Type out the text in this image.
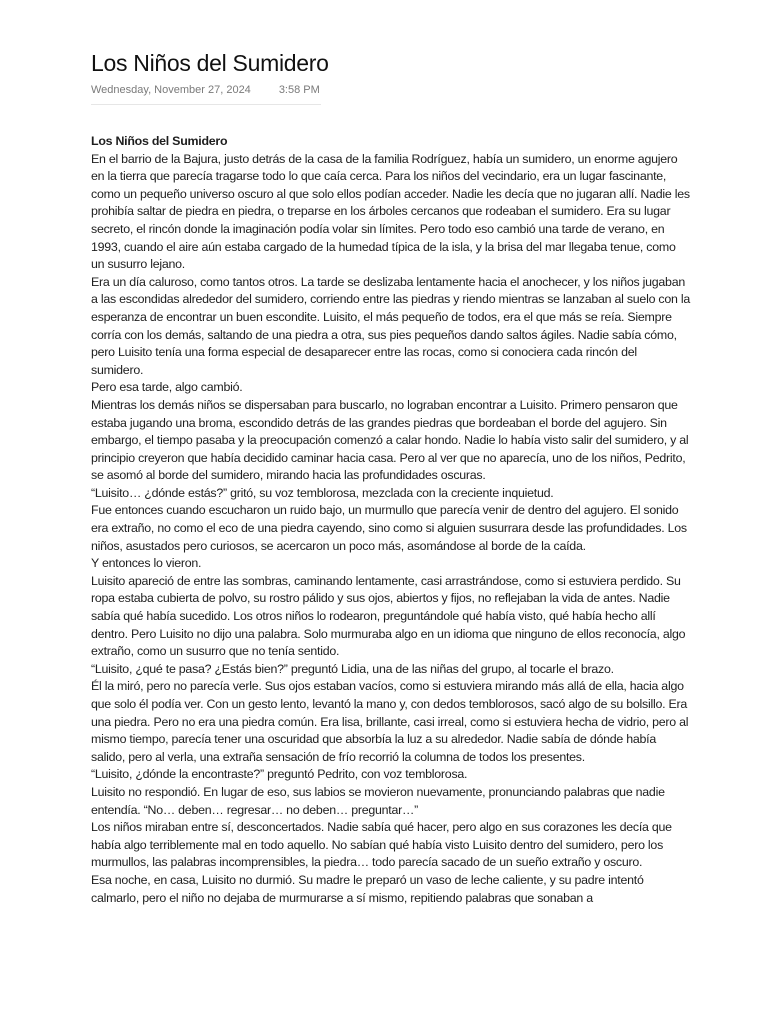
Los Niños del Sumidero
Wednesday, November 27, 2024	3:58 PM

Los Niños del Sumidero

En el barrio de la Bajura, justo detrás de la casa de la familia Rodríguez, había un sumidero, un enorme agujero en la tierra que parecía tragarse todo lo que caía cerca. Para los niños del vecindario, era un lugar fascinante, como un pequeño universo oscuro al que solo ellos podían acceder. Nadie les decía que no jugaran allí. Nadie les prohibía saltar de piedra en piedra, o treparse en los árboles cercanos que rodeaban el sumidero. Era su lugar secreto, el rincón donde la imaginación podía volar sin límites. Pero todo eso cambió una tarde de verano, en 1993, cuando el aire aún estaba cargado de la humedad típica de la isla, y la brisa del mar llegaba tenue, como un susurro lejano.

Era un día caluroso, como tantos otros. La tarde se deslizaba lentamente hacia el anochecer, y los niños jugaban a las escondidas alrededor del sumidero, corriendo entre las piedras y riendo mientras se lanzaban al suelo con la esperanza de encontrar un buen escondite. Luisito, el más pequeño de todos, era el que más se reía. Siempre corría con los demás, saltando de una piedra a otra, sus pies pequeños dando saltos ágiles. Nadie sabía cómo, pero Luisito tenía una forma especial de desaparecer entre las rocas, como si conociera cada rincón del sumidero.

Pero esa tarde, algo cambió.

Mientras los demás niños se dispersaban para buscarlo, no lograban encontrar a Luisito. Primero pensaron que estaba jugando una broma, escondido detrás de las grandes piedras que bordeaban el borde del agujero. Sin embargo, el tiempo pasaba y la preocupación comenzó a calar hondo. Nadie lo había visto salir del sumidero, y al principio creyeron que había decidido caminar hacia casa. Pero al ver que no aparecía, uno de los niños, Pedrito, se asomó al borde del sumidero, mirando hacia las profundidades oscuras.

“Luisito… ¿dónde estás?” gritó, su voz temblorosa, mezclada con la creciente inquietud.

Fue entonces cuando escucharon un ruido bajo, un murmullo que parecía venir de dentro del agujero. El sonido era extraño, no como el eco de una piedra cayendo, sino como si alguien susurrara desde las profundidades. Los niños, asustados pero curiosos, se acercaron un poco más, asomándose al borde de la caída.

Y entonces lo vieron.

Luisito apareció de entre las sombras, caminando lentamente, casi arrastrándose, como si estuviera perdido. Su ropa estaba cubierta de polvo, su rostro pálido y sus ojos, abiertos y fijos, no reflejaban la vida de antes. Nadie sabía qué había sucedido. Los otros niños lo rodearon, preguntándole qué había visto, qué había hecho allí dentro. Pero Luisito no dijo una palabra. Solo murmuraba algo en un idioma que ninguno de ellos reconocía, algo extraño, como un susurro que no tenía sentido.

“Luisito, ¿qué te pasa? ¿Estás bien?” preguntó Lidia, una de las niñas del grupo, al tocarle el brazo.

Él la miró, pero no parecía verle. Sus ojos estaban vacíos, como si estuviera mirando más allá de ella, hacia algo que solo él podía ver. Con un gesto lento, levantó la mano y, con dedos temblorosos, sacó algo de su bolsillo. Era una piedra. Pero no era una piedra común. Era lisa, brillante, casi irreal, como si estuviera hecha de vidrio, pero al mismo tiempo, parecía tener una oscuridad que absorbía la luz a su alrededor. Nadie sabía de dónde había salido, pero al verla, una extraña sensación de frío recorrió la columna de todos los presentes.

“Luisito, ¿dónde la encontraste?” preguntó Pedrito, con voz temblorosa.

Luisito no respondió. En lugar de eso, sus labios se movieron nuevamente, pronunciando palabras que nadie entendía. “No… deben… regresar… no deben… preguntar…”

Los niños miraban entre sí, desconcertados. Nadie sabía qué hacer, pero algo en sus corazones les decía que había algo terriblemente mal en todo aquello. No sabían qué había visto Luisito dentro del sumidero, pero los murmullos, las palabras incomprensibles, la piedra… todo parecía sacado de un sueño extraño y oscuro.

Esa noche, en casa, Luisito no durmió. Su madre le preparó un vaso de leche caliente, y su padre intentó calmarlo, pero el niño no dejaba de murmurarse a sí mismo, repitiendo palabras que sonaban a
